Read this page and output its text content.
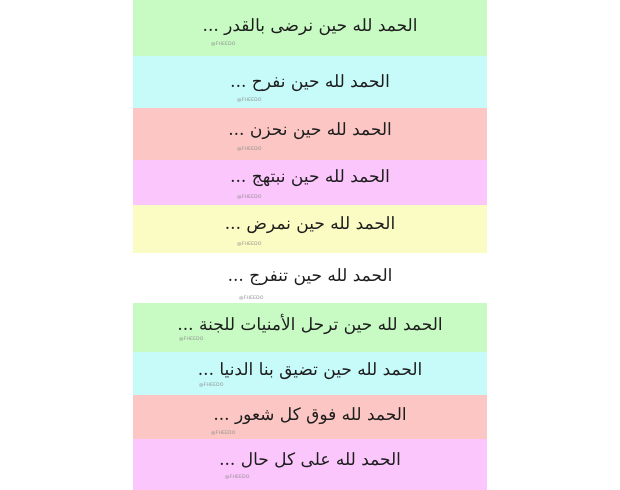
الحمد لله حين نرضى بالقدر ...
@FHEEDO
الحمد لله حين نفرح ...
@FHEEDO
الحمد لله حين نحزن ...
@FHEEDO
الحمد لله حين نبتهج ...
@FHEEDO
الحمد لله حين نمرض ...
@FHEEDO
الحمد لله حين تنفرج ...
@FHEEDO
الحمد لله حين ترحل الأمنيات للجنة ...
@FHEEDO
الحمد لله حين تضيق بنا الدنيا ...
@FHEEDO
الحمد لله فوق كل شعور ...
@FHEEDO
الحمد لله على كل حال ...
@FHEEDO
